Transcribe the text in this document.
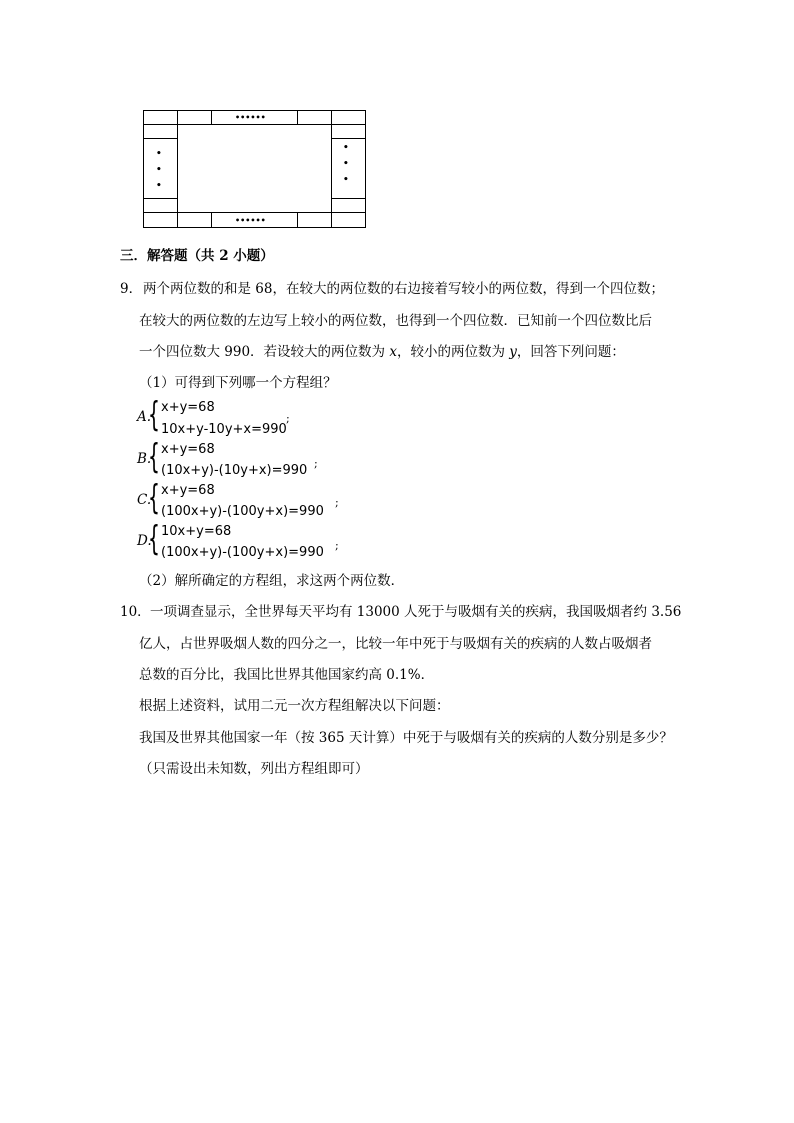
••••••
••••••
•
•
•
•
•
•
三．解答题（共 2 小题）
9． 两个两位数的和是 68，在较大的两位数的右边接着写较小的两位数，得到一个四位数；
在较大的两位数的左边写上较小的两位数，也得到一个四位数．已知前一个四位数比后
一个四位数大 990．若设较大的两位数为 x，较小的两位数为 y，回答下列问题：
（1）可得到下列哪一个方程组？
A.
{ x+y=68
10x+y-10y+x=990
;
B.
{ x+y=68
(10x+y)-(10y+x)=990 ;
C.
{ x+y=68
(100x+y)-(100y+x)=990
;
D.
{ 10x+y=68
(100x+y)-(100y+x)=990 ;
（2）解所确定的方程组，求这两个两位数．
10． 一项调查显示，全世界每天平均有 13000 人死于与吸烟有关的疾病，我国吸烟者约 3.56
亿人，占世界吸烟人数的四分之一，比较一年中死于与吸烟有关的疾病的人数占吸烟者
总数的百分比，我国比世界其他国家约高 0.1%．
根据上述资料，试用二元一次方程组解决以下问题：
我国及世界其他国家一年（按 365 天计算）中死于与吸烟有关的疾病的人数分别是多少？
（只需设出未知数，列出方程组即可）
